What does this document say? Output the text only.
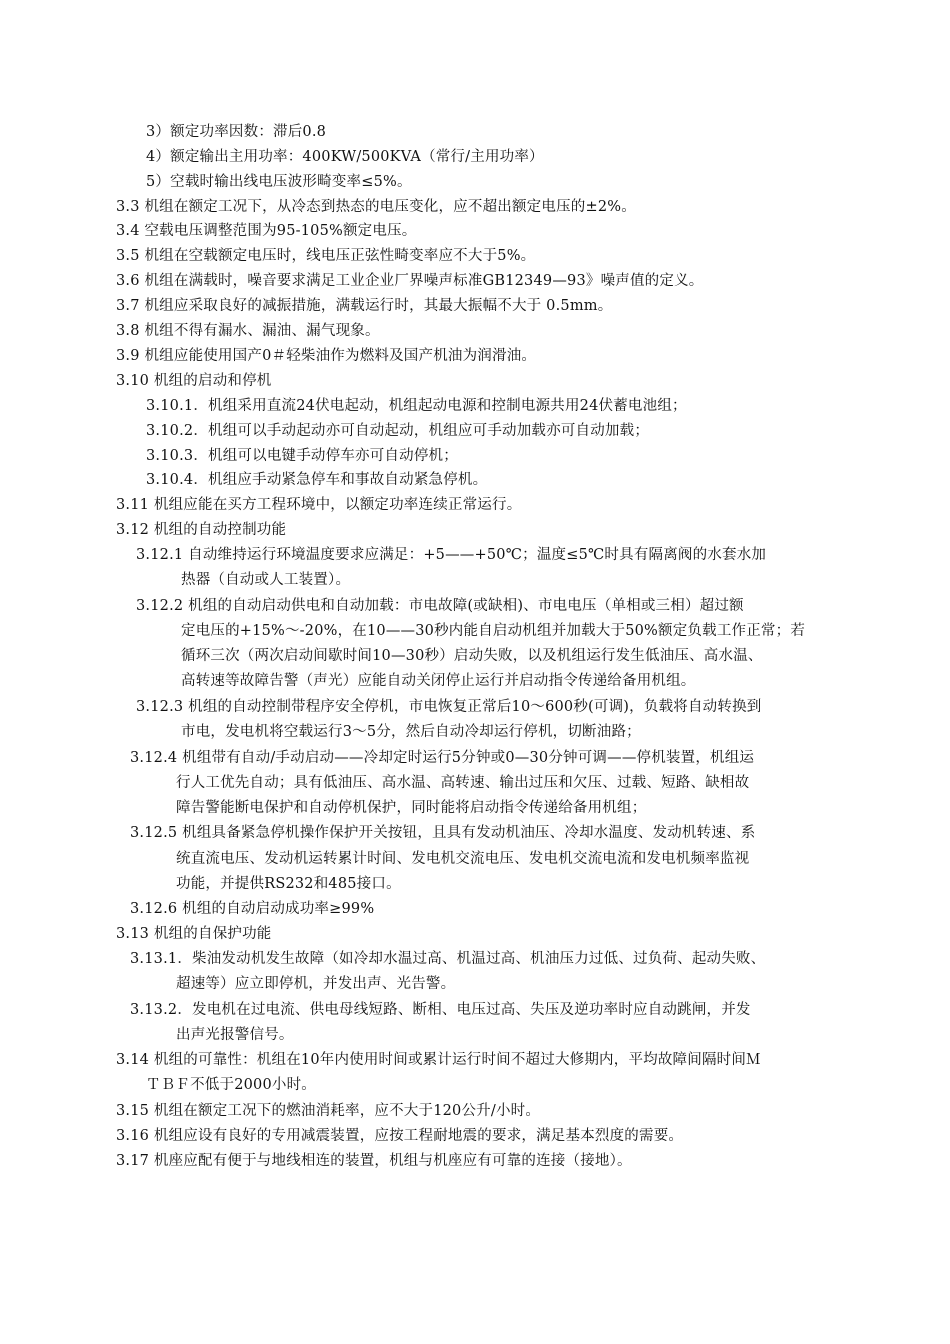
3）额定功率因数：滞后0.8
4）额定输出主用功率：400KW/500KVA（常行/主用功率）
5）空载时输出线电压波形畸变率≤5%。
3.3 机组在额定工况下，从冷态到热态的电压变化，应不超出额定电压的±2%。
3.4 空载电压调整范围为95-105%额定电压。
3.5 机组在空载额定电压时，线电压正弦性畸变率应不大于5%。
3.6 机组在满载时，噪音要求满足工业企业厂界噪声标准GB12349—93》噪声值的定义。
3.7 机组应采取良好的减振措施，满载运行时，其最大振幅不大于 0.5mm。
3.8 机组不得有漏水、漏油、漏气现象。
3.9 机组应能使用国产0＃轻柴油作为燃料及国产机油为润滑油。
3.10 机组的启动和停机
3.10.1．机组采用直流24伏电起动，机组起动电源和控制电源共用24伏蓄电池组；
3.10.2．机组可以手动起动亦可自动起动，机组应可手动加载亦可自动加载；
3.10.3．机组可以电键手动停车亦可自动停机；
3.10.4．机组应手动紧急停车和事故自动紧急停机。
3.11 机组应能在买方工程环境中，以额定功率连续正常运行。
3.12 机组的自动控制功能
3.12.1 自动维持运行环境温度要求应满足：+5——+50℃；温度≤5℃时具有隔离阀的水套水加
热器（自动或人工装置）。
3.12.2 机组的自动启动供电和自动加载：市电故障(或缺相)、市电电压（单相或三相）超过额
定电压的+15%～-20%，在10——30秒内能自启动机组并加载大于50%额定负载工作正常；若
循环三次（两次启动间歇时间10—30秒）启动失败，以及机组运行发生低油压、高水温、
高转速等故障告警（声光）应能自动关闭停止运行并启动指令传递给备用机组。
3.12.3 机组的自动控制带程序安全停机，市电恢复正常后10～600秒(可调)，负载将自动转换到
市电，发电机将空载运行3～5分，然后自动冷却运行停机，切断油路；
3.12.4 机组带有自动/手动启动——冷却定时运行5分钟或0—30分钟可调——停机装置，机组运
行人工优先自动；具有低油压、高水温、高转速、输出过压和欠压、过载、短路、缺相故
障告警能断电保护和自动停机保护，同时能将启动指令传递给备用机组；
3.12.5 机组具备紧急停机操作保护开关按钮，且具有发动机油压、冷却水温度、发动机转速、系
统直流电压、发动机运转累计时间、发电机交流电压、发电机交流电流和发电机频率监视
功能，并提供RS232和485接口。
3.12.6 机组的自动启动成功率≥99%
3.13 机组的自保护功能
3.13.1．柴油发动机发生故障（如冷却水温过高、机温过高、机油压力过低、过负荷、起动失败、
超速等）应立即停机，并发出声、光告警。
3.13.2．发电机在过电流、供电母线短路、断相、电压过高、失压及逆功率时应自动跳闸，并发
出声光报警信号。
3.14 机组的可靠性：机组在10年内使用时间或累计运行时间不超过大修期内，平均故障间隔时间Ｍ
ＴＢＦ不低于2000小时。
3.15 机组在额定工况下的燃油消耗率，应不大于120公升/小时。
3.16 机组应设有良好的专用减震装置，应按工程耐地震的要求，满足基本烈度的需要。
3.17 机座应配有便于与地线相连的装置，机组与机座应有可靠的连接（接地）。
